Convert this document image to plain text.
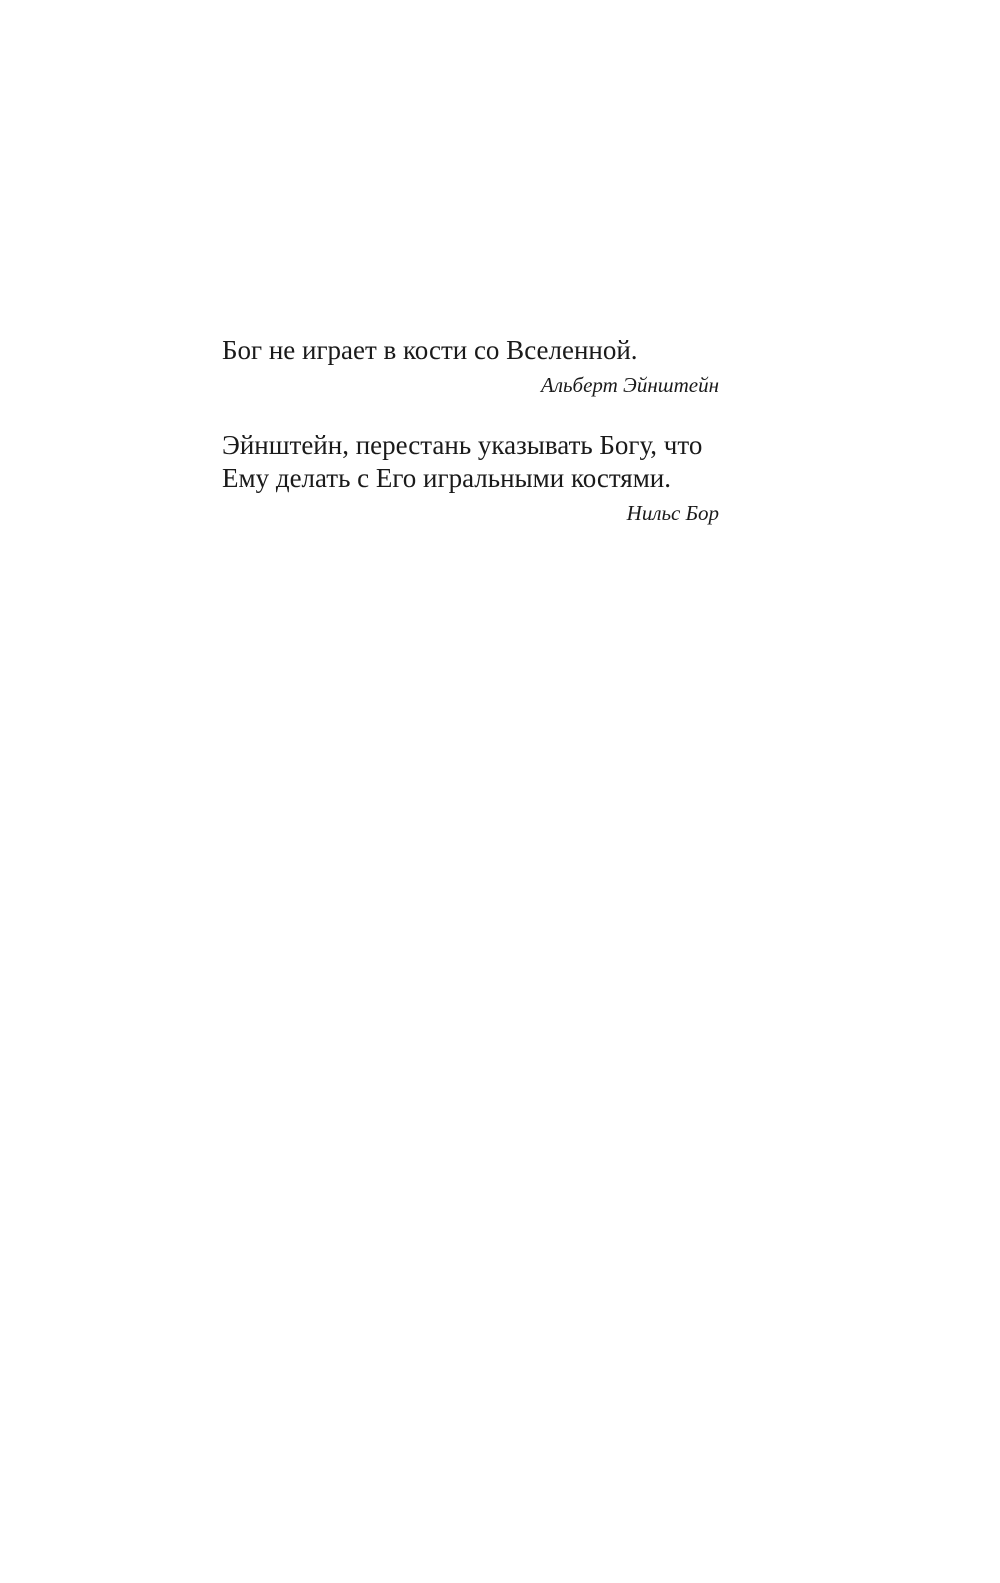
Бог не играет в кости со Вселенной.
Альберт Эйнштейн
Эйнштейн, перестань указывать Богу, что
Ему делать с Его игральными костями.
Нильс Бор
